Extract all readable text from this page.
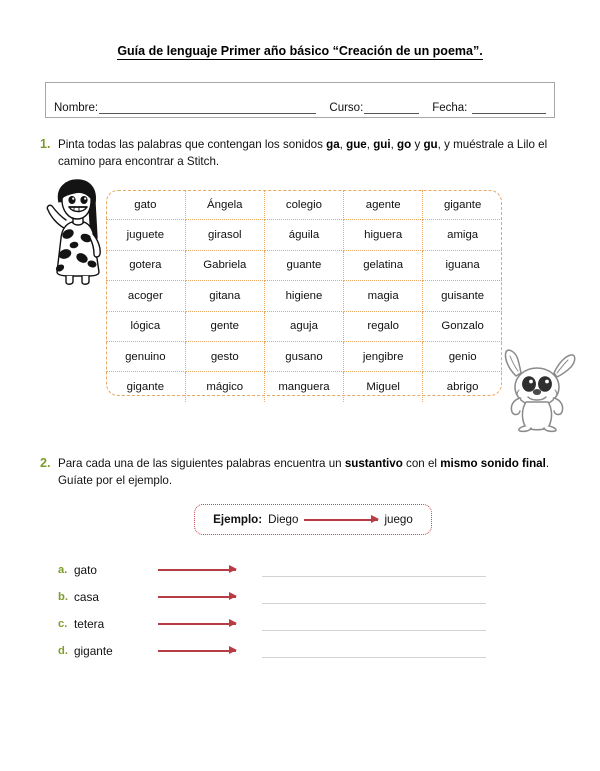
Guía de lenguaje Primer año básico “Creación de un poema”.
Nombre:	Curso:	Fecha:
1. Pinta todas las palabras que contengan los sonidos ga, gue, gui, go y gu, y muéstrale a Lilo el camino para encontrar a Stitch.
gato	Ángela	colegio	agente	gigante
juguete	girasol	águila	higuera	amiga
gotera	Gabriela	guante	gelatina	iguana
acoger	gitana	higiene	magia	guisante
lógica	gente	aguja	regalo	Gonzalo
genuino	gesto	gusano	jengibre	genio
gigante	mágico	manguera	Miguel	abrigo
2. Para cada una de las siguientes palabras encuentra un sustantivo con el mismo sonido final. Guíate por el ejemplo.
Ejemplo: Diego	juego
a. gato
b. casa
c. tetera
d. gigante
